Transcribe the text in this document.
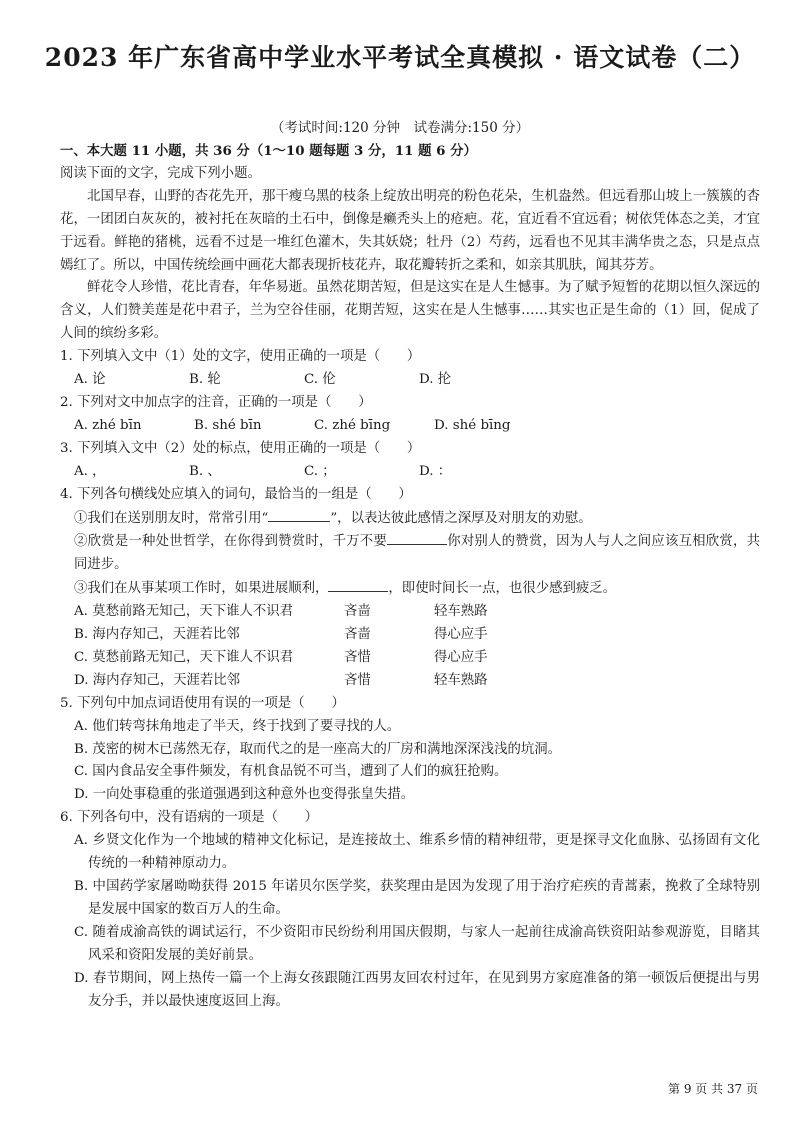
2023 年广东省高中学业水平考试全真模拟 · 语文试卷（二）
（考试时间:120 分钟　试卷满分:150 分）
一、本大题 11 小题，共 36 分（1～10 题每题 3 分，11 题 6 分）
阅读下面的文字，完成下列小题。
北国早春，山野的杏花先开，那干瘦乌黑的枝条上绽放出明亮的粉色花朵，生机盎然。但远看那山坡上一簇簇的杏花，一团团白灰灰的，被衬托在灰暗的土石中，倒像是癞秃头上的疮疤。花，宜近看不宜远看；树依凭体态之美，才宜于远看。鲜艳的猪桃，远看不过是一堆红色灌木，失其妖娆；牡丹（2）芍药，远看也不见其丰满华贵之态，只是点点嫣红了。所以，中国传统绘画中画花大都表现折枝花卉，取花瓣转折之柔和，如亲其肌肤，闻其芬芳。
鲜花令人珍惜，花比青春，年华易逝。虽然花期苦短，但是这实在是人生憾事。为了赋予短暂的花期以恒久深远的含义，人们赞美莲是花中君子，兰为空谷佳丽，花期苦短，这实在是人生憾事……其实也正是生命的（1）回，促成了人间的缤纷多彩。
1. 下列填入文中（1）处的文字，使用正确的一项是（　　）
A. 论	B. 轮	C. 伦	D. 抡
2. 下列对文中加点字的注音，正确的一项是（　　）
A. zhé bīn	B. shé bīn	C. zhé bīng	D. shé bīng
3. 下列填入文中（2）处的标点，使用正确的一项是（　　）
A. ，	B. 、	C. ；	D. ：
4. 下列各句横线处应填入的词句，最恰当的一组是（　　）
①我们在送别朋友时，常常引用“	”，以表达彼此感情之深厚及对朋友的劝慰。
②欣赏是一种处世哲学，在你得到赞赏时，千万不要	你对别人的赞赏，因为人与人之间应该互相欣赏，共同进步。
③我们在从事某项工作时，如果进展顺利，	，即使时间长一点，也很少感到疲乏。
A. 莫愁前路无知己，天下谁人不识君	吝啬	轻车熟路
B. 海内存知己，天涯若比邻	吝啬	得心应手
C. 莫愁前路无知己，天下谁人不识君	吝惜	得心应手
D. 海内存知己，天涯若比邻	吝惜	轻车熟路
5. 下列句中加点词语使用有误的一项是（　　）
A. 他们转弯抹角地走了半天，终于找到了要寻找的人。
B. 茂密的树木已荡然无存，取而代之的是一座高大的厂房和满地深深浅浅的坑洞。
C. 国内食品安全事件频发，有机食品锐不可当，遭到了人们的疯狂抢购。
D. 一向处事稳重的张道强遇到这种意外也变得张皇失措。
6. 下列各句中，没有语病的一项是（　　）
A. 乡贤文化作为一个地域的精神文化标记，是连接故土、维系乡情的精神纽带，更是探寻文化血脉、弘扬固有文化传统的一种精神原动力。
B. 中国药学家屠呦呦获得 2015 年诺贝尔医学奖，获奖理由是因为发现了用于治疗疟疾的青蒿素，挽救了全球特别是发展中国家的数百万人的生命。
C. 随着成渝高铁的调试运行，不少资阳市民纷纷利用国庆假期，与家人一起前往成渝高铁资阳站参观游览，目睹其风采和资阳发展的美好前景。
D. 春节期间，网上热传一篇一个上海女孩跟随江西男友回农村过年，在见到男方家庭准备的第一顿饭后便提出与男友分手，并以最快速度返回上海。
第 9 页 共 37 页
